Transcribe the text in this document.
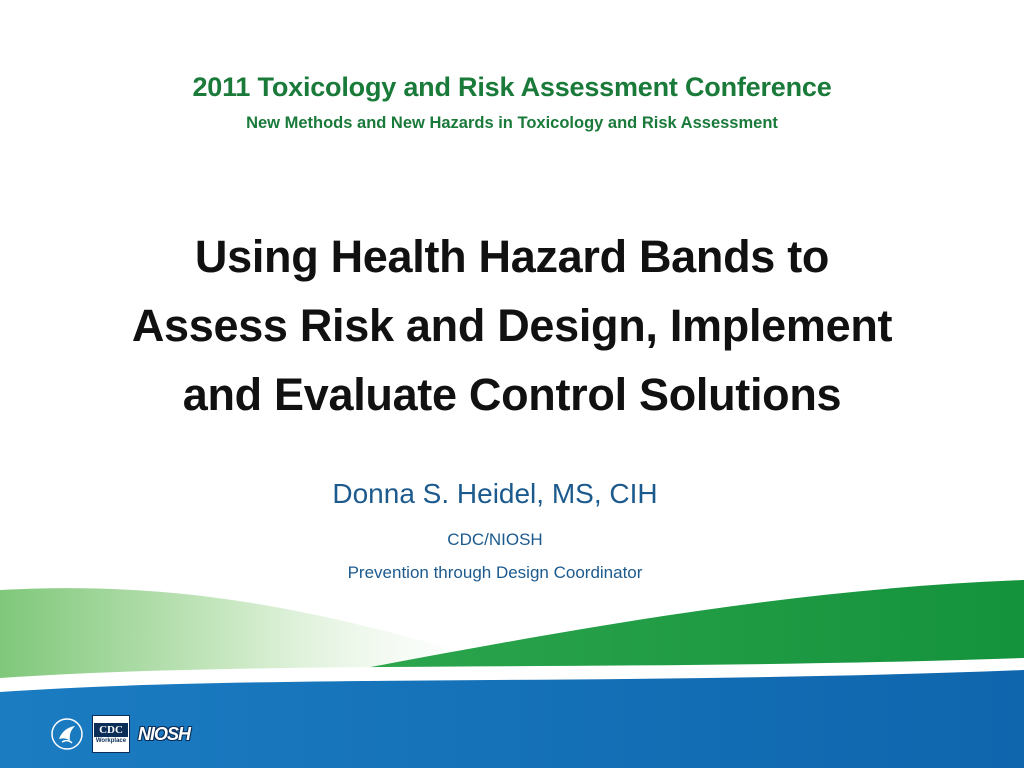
2011 Toxicology and Risk Assessment Conference
New Methods and New Hazards in Toxicology and Risk Assessment
Using Health Hazard Bands to
Assess Risk and Design, Implement
and Evaluate Control Solutions
Donna S. Heidel, MS, CIH
CDC/NIOSH
Prevention through Design Coordinator
CDC
Workplace NIOSH
